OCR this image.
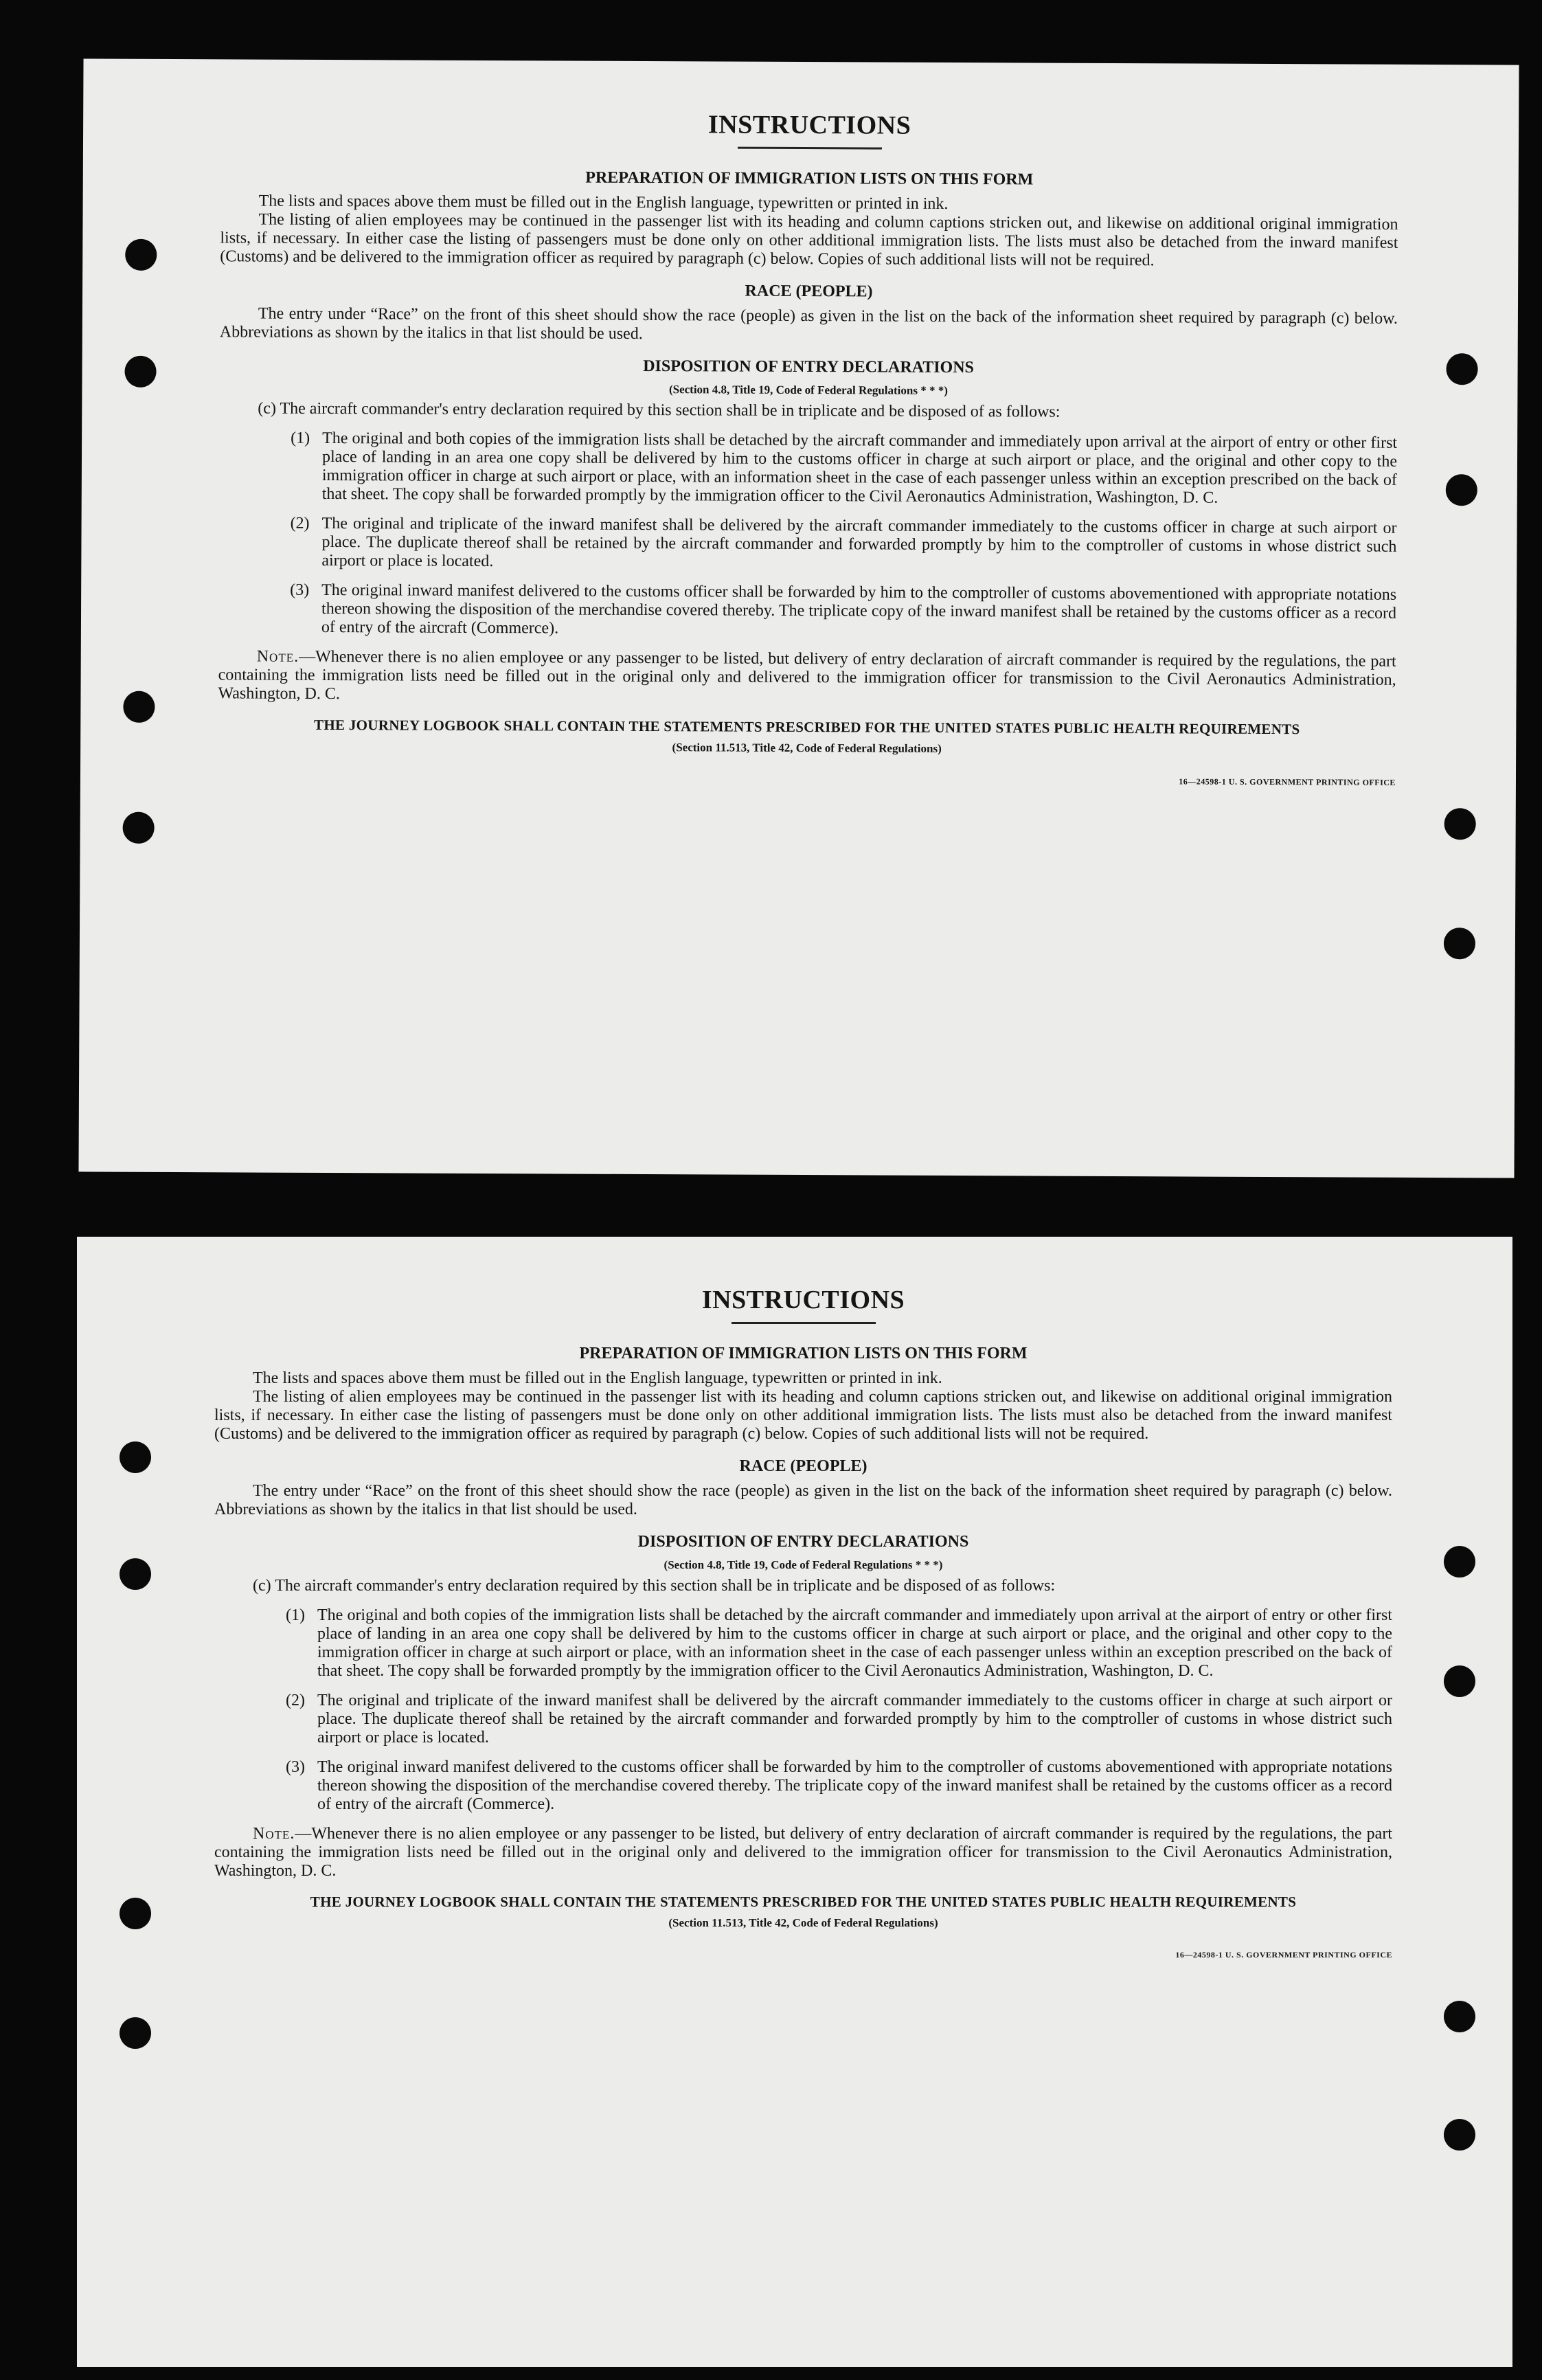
INSTRUCTIONS
PREPARATION OF IMMIGRATION LISTS ON THIS FORM

The lists and spaces above them must be filled out in the English language, typewritten or printed in ink.

The listing of alien employees may be continued in the passenger list with its heading and column captions stricken out, and likewise on additional original immigration lists, if necessary. In either case the listing of passengers must be done only on other additional immigration lists. The lists must also be detached from the inward manifest (Customs) and be delivered to the immigration officer as required by paragraph (c) below. Copies of such additional lists will not be required.

RACE (PEOPLE)

The entry under “Race” on the front of this sheet should show the race (people) as given in the list on the back of the information sheet required by paragraph (c) below. Abbreviations as shown by the italics in that list should be used.

DISPOSITION OF ENTRY DECLARATIONS
(Section 4.8, Title 19, Code of Federal Regulations * * *)

(c) The aircraft commander's entry declaration required by this section shall be in triplicate and be disposed of as follows:

(1) The original and both copies of the immigration lists shall be detached by the aircraft commander and immediately upon arrival at the airport of entry or other first place of landing in an area one copy shall be delivered by him to the customs officer in charge at such airport or place, and the original and other copy to the immigration officer in charge at such airport or place, with an information sheet in the case of each passenger unless within an exception prescribed on the back of that sheet. The copy shall be forwarded promptly by the immigration officer to the Civil Aeronautics Administration, Washington, D. C.

(2) The original and triplicate of the inward manifest shall be delivered by the aircraft commander immediately to the customs officer in charge at such airport or place. The duplicate thereof shall be retained by the aircraft commander and forwarded promptly by him to the comptroller of customs in whose district such airport or place is located.

(3) The original inward manifest delivered to the customs officer shall be forwarded by him to the comptroller of customs abovementioned with appropriate notations thereon showing the disposition of the merchandise covered thereby. The triplicate copy of the inward manifest shall be retained by the customs officer as a record of entry of the aircraft (Commerce).

Note.—Whenever there is no alien employee or any passenger to be listed, but delivery of entry declaration of aircraft commander is required by the regulations, the part containing the immigration lists need be filled out in the original only and delivered to the immigration officer for transmission to the Civil Aeronautics Administration, Washington, D. C.

THE JOURNEY LOGBOOK SHALL CONTAIN THE STATEMENTS PRESCRIBED FOR THE UNITED STATES PUBLIC HEALTH REQUIREMENTS
(Section 11.513, Title 42, Code of Federal Regulations)
16—24598-1 U. S. GOVERNMENT PRINTING OFFICE
INSTRUCTIONS
PREPARATION OF IMMIGRATION LISTS ON THIS FORM

The lists and spaces above them must be filled out in the English language, typewritten or printed in ink.

The listing of alien employees may be continued in the passenger list with its heading and column captions stricken out, and likewise on additional original immigration lists, if necessary. In either case the listing of passengers must be done only on other additional immigration lists. The lists must also be detached from the inward manifest (Customs) and be delivered to the immigration officer as required by paragraph (c) below. Copies of such additional lists will not be required.

RACE (PEOPLE)

The entry under “Race” on the front of this sheet should show the race (people) as given in the list on the back of the information sheet required by paragraph (c) below. Abbreviations as shown by the italics in that list should be used.

DISPOSITION OF ENTRY DECLARATIONS
(Section 4.8, Title 19, Code of Federal Regulations * * *)

(c) The aircraft commander's entry declaration required by this section shall be in triplicate and be disposed of as follows:

(1) The original and both copies of the immigration lists shall be detached by the aircraft commander and immediately upon arrival at the airport of entry or other first place of landing in an area one copy shall be delivered by him to the customs officer in charge at such airport or place, and the original and other copy to the immigration officer in charge at such airport or place, with an information sheet in the case of each passenger unless within an exception prescribed on the back of that sheet. The copy shall be forwarded promptly by the immigration officer to the Civil Aeronautics Administration, Washington, D. C.

(2) The original and triplicate of the inward manifest shall be delivered by the aircraft commander immediately to the customs officer in charge at such airport or place. The duplicate thereof shall be retained by the aircraft commander and forwarded promptly by him to the comptroller of customs in whose district such airport or place is located.

(3) The original inward manifest delivered to the customs officer shall be forwarded by him to the comptroller of customs abovementioned with appropriate notations thereon showing the disposition of the merchandise covered thereby. The triplicate copy of the inward manifest shall be retained by the customs officer as a record of entry of the aircraft (Commerce).

Note.—Whenever there is no alien employee or any passenger to be listed, but delivery of entry declaration of aircraft commander is required by the regulations, the part containing the immigration lists need be filled out in the original only and delivered to the immigration officer for transmission to the Civil Aeronautics Administration, Washington, D. C.

THE JOURNEY LOGBOOK SHALL CONTAIN THE STATEMENTS PRESCRIBED FOR THE UNITED STATES PUBLIC HEALTH REQUIREMENTS
(Section 11.513, Title 42, Code of Federal Regulations)
16—24598-1 U. S. GOVERNMENT PRINTING OFFICE
